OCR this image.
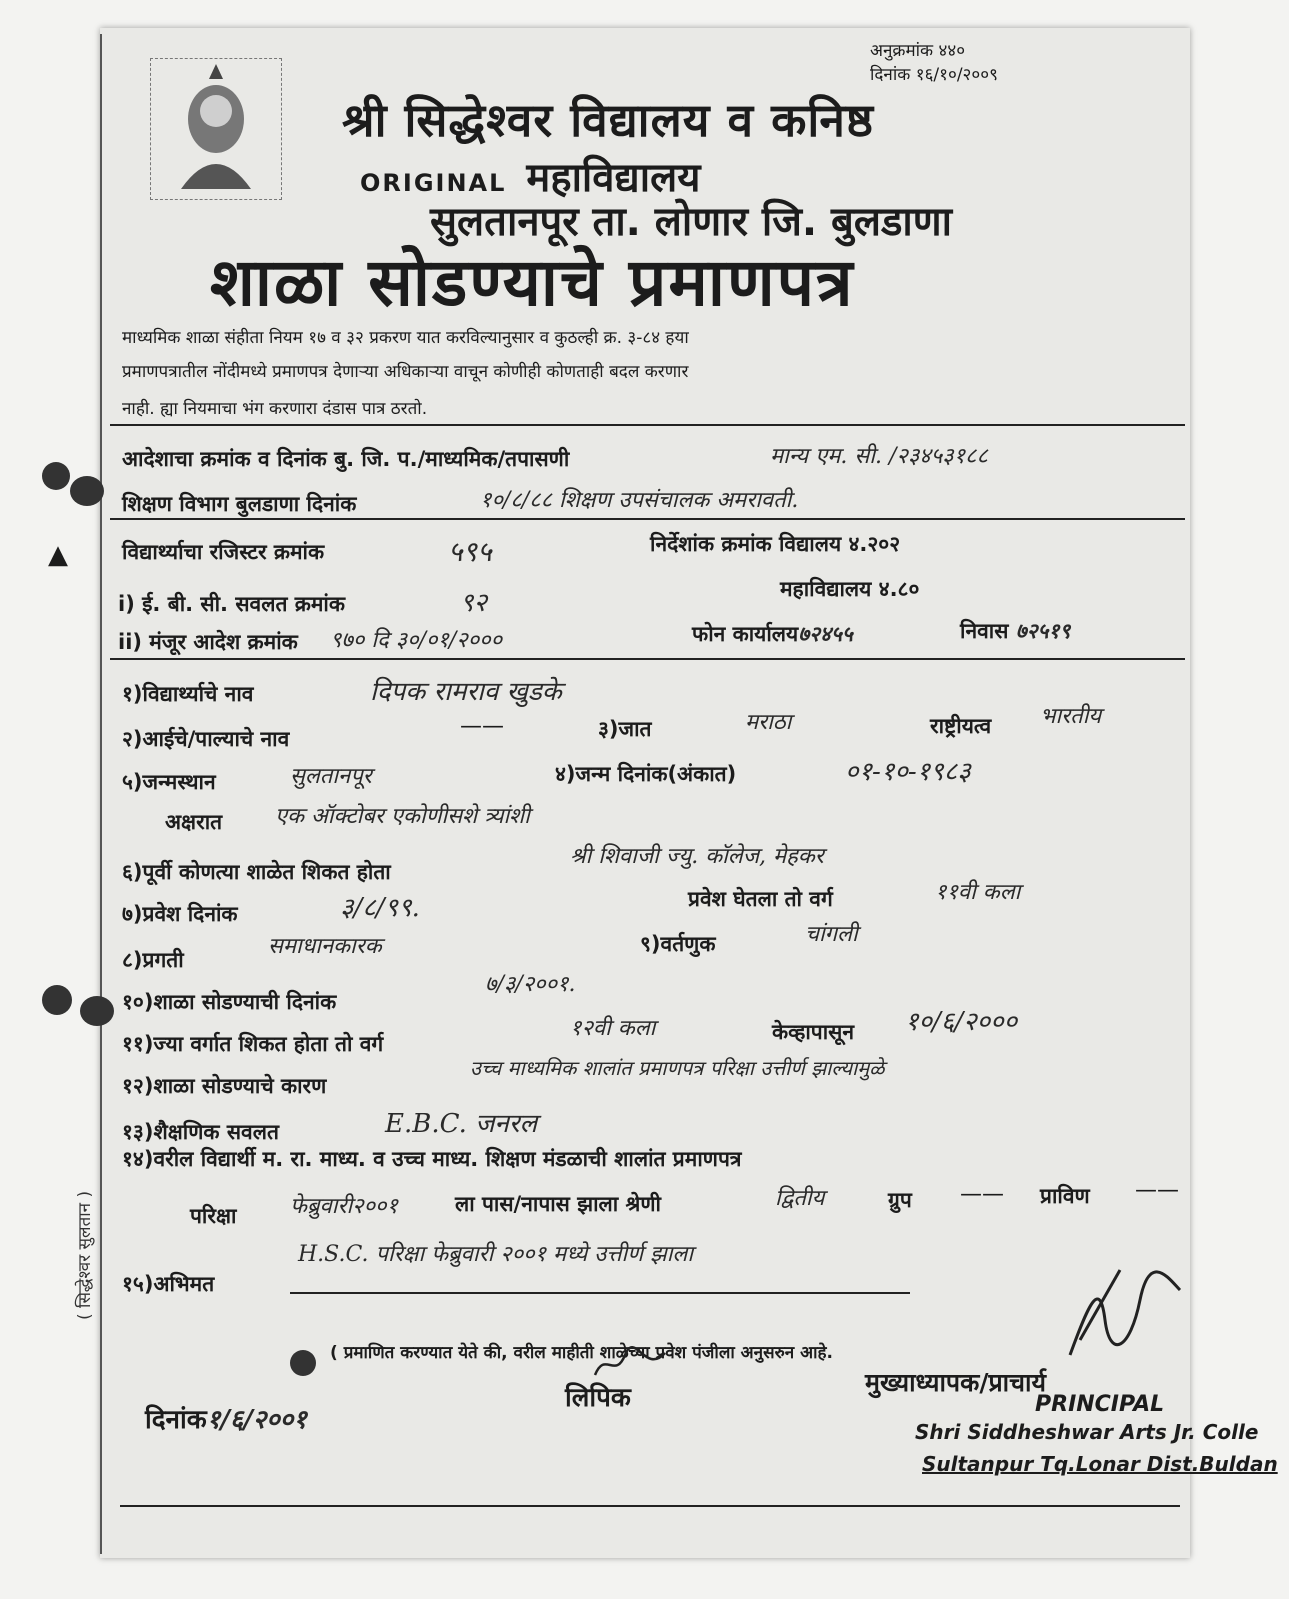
अनुक्रमांक ४४०
दिनांक १६/१०/२००९
श्री सिद्धेश्वर विद्यालय व कनिष्ठ
ORIGINAL महाविद्यालय
सुलतानपूर ता. लोणार जि. बुलडाणा
शाळा सोडण्याचे प्रमाणपत्र
माध्यमिक शाळा संहीता नियम १७ व ३२ प्रकरण यात करविल्यानुसार व कुठल्ही क्र. ३-८४ हया
प्रमाणपत्रातील नोंदीमध्ये प्रमाणपत्र देणाऱ्या अधिकाऱ्या वाचून कोणीही कोणताही बदल करणार
नाही. ह्या नियमाचा भंग करणारा दंडास पात्र ठरतो.
आदेशाचा क्रमांक व दिनांक बु. जि. प./माध्यमिक/तपासणी	मान्य एम. सी. /२३४५३१८८
शिक्षण विभाग बुलडाणा दिनांक	१०/८/८८ शिक्षण उपसंचालक अमरावती.
विद्यार्थ्याचा रजिस्टर क्रमांक	५९५	निर्देशांक क्रमांक विद्यालय ४.२०२
महाविद्यालय ४.८०
i) ई. बी. सी. सवलत क्रमांक	९२
ii) मंजूर आदेश क्रमांक ९७० दि ३०/०१/२०००	फोन कार्यालय७२४५५	निवास ७२५१९
▲
१)विद्यार्थ्याचे नाव	दिपक रामराव खुडके
२)आईचे/पाल्याचे नाव	——	३)जात	मराठा	राष्ट्रीयत्व भारतीय
५)जन्मस्थान	सुलतानपूर	४)जन्म दिनांक(अंकात)	०१-१०-१९८३
अक्षरात एक ऑक्टोबर एकोणीसशे त्र्यांशी
६)पूर्वी कोणत्या शाळेत शिकत होता
श्री शिवाजी ज्यु. कॉलेज, मेहकर
७)प्रवेश दिनांक	३/८/९९.	प्रवेश घेतला तो वर्ग	११वी कला
८)प्रगती
समाधानकारक	९)वर्तणुक	चांगली
१०)शाळा सोडण्याची दिनांक
७/३/२००१.
११)ज्या वर्गात शिकत होता तो वर्ग
१२वी कला	केव्हापासून १०/६/२०००
१२)शाळा सोडण्याचे कारण
उच्च माध्यमिक शालांत प्रमाणपत्र परिक्षा उत्तीर्ण झाल्यामुळे
१३)शैक्षणिक सवलत	E.B.C. जनरल
१४)वरील विद्यार्थी म. रा. माध्य. व उच्च माध्य. शिक्षण मंडळाची शालांत प्रमाणपत्र
परिक्षा फेब्रुवारी२००१	ला पास/नापास झाला श्रेणी	द्वितीय	ग्रुप —— प्राविण ——
१५)अभिमत
H.S.C. परिक्षा फेब्रुवारी २००१ मध्ये उत्तीर्ण झाला
( प्रमाणित करण्यात येते की, वरील माहीती शाळेच्या प्रवेश पंजीला अनुसरुन आहे.
लिपिक
दिनांक१/६/२००१
मुख्याध्यापक/प्राचार्य
PRINCIPAL
Shri Siddheshwar Arts Jr. Colle
Sultanpur Tq.Lonar Dist.Buldan
( सिद्धेश्वर सुलतान )
